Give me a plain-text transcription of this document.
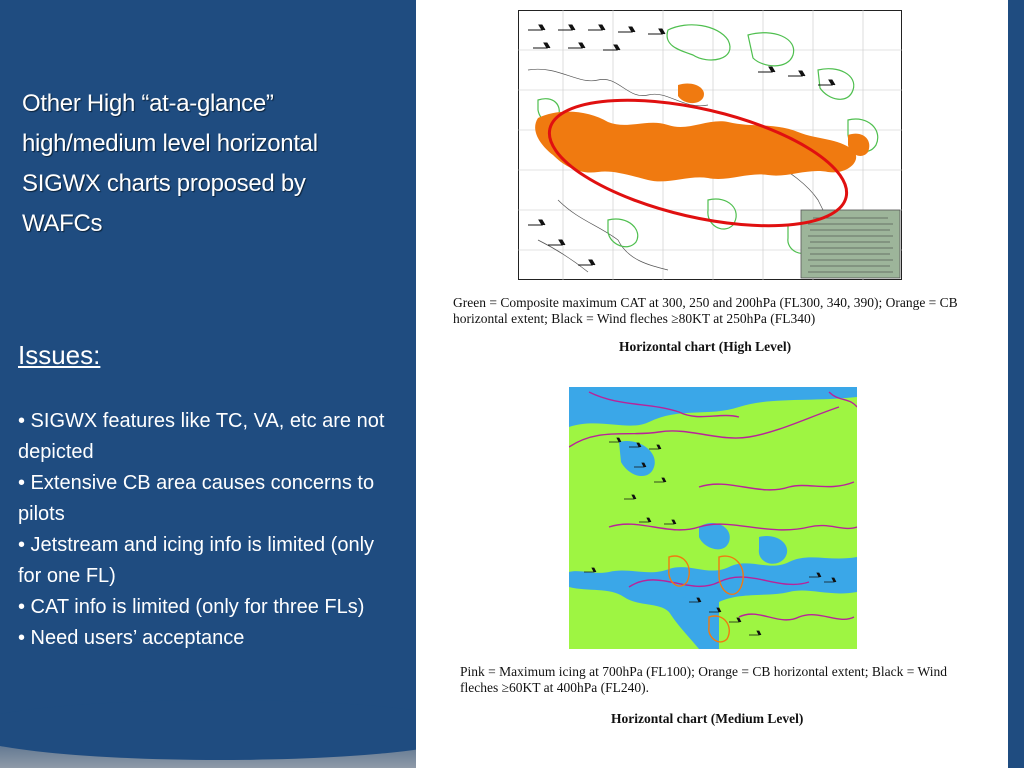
Other High “at-a-glance” high/medium level horizontal SIGWX charts proposed by WAFCs
Issues:
• SIGWX features like TC, VA, etc are not depicted
• Extensive CB area causes concerns to pilots
• Jetstream and icing info is limited (only for one FL)
• CAT info is limited (only for three FLs)
• Need users’ acceptance
Green = Composite maximum CAT at 300, 250 and 200hPa (FL300, 340, 390); Orange = CB horizontal extent; Black = Wind fleches ≥80KT at 250hPa (FL340)
Horizontal chart (High Level)
Pink = Maximum icing at 700hPa (FL100); Orange = CB horizontal extent; Black = Wind fleches ≥60KT at 400hPa (FL240).
Horizontal chart (Medium Level)
